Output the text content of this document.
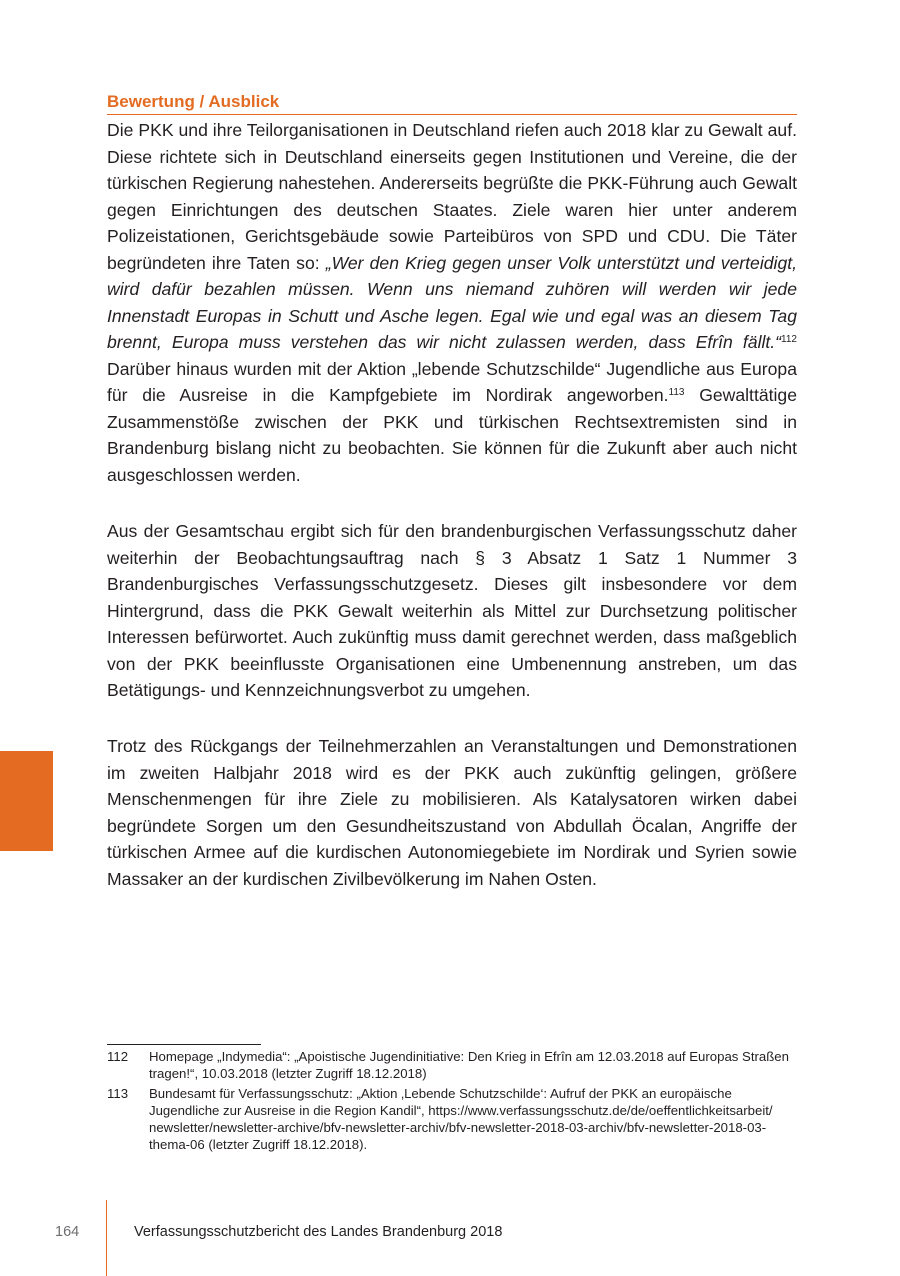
Bewertung / Ausblick
Die PKK und ihre Teilorganisationen in Deutschland riefen auch 2018 klar zu Gewalt auf. Diese richtete sich in Deutschland einerseits gegen Institutionen und Vereine, die der türkischen Regierung nahestehen. Andererseits begrüßte die PKK-Führung auch Gewalt gegen Einrichtungen des deutschen Staates. Ziele waren hier unter anderem Polizeistationen, Gerichtsgebäude sowie Parteibüros von SPD und CDU. Die Täter begründeten ihre Taten so: „Wer den Krieg gegen unser Volk unterstützt und verteidigt, wird dafür bezahlen müssen. Wenn uns niemand zuhören will werden wir jede Innenstadt Europas in Schutt und Asche legen. Egal wie und egal was an diesem Tag brennt, Europa muss verstehen das wir nicht zulassen werden, dass Efrîn fällt.“$^{112}$ Darüber hinaus wurden mit der Aktion „lebende Schutzschilde“ Jugendliche aus Europa für die Ausreise in die Kampfgebiete im Nordirak angeworben.$^{113}$ Gewalttätige Zusammenstöße zwischen der PKK und türkischen Rechtsextremisten sind in Brandenburg bislang nicht zu beobachten. Sie können für die Zukunft aber auch nicht ausgeschlossen werden.
Aus der Gesamtschau ergibt sich für den brandenburgischen Verfassungsschutz daher weiterhin der Beobachtungsauftrag nach § 3 Absatz 1 Satz 1 Nummer 3 Brandenburgisches Verfassungsschutzgesetz. Dieses gilt insbesondere vor dem Hintergrund, dass die PKK Gewalt weiterhin als Mittel zur Durchsetzung politischer Interessen befürwortet. Auch zukünftig muss damit gerechnet werden, dass maßgeblich von der PKK beeinflusste Organisationen eine Umbenennung anstreben, um das Betätigungs- und Kennzeichnungsverbot zu umgehen.
Trotz des Rückgangs der Teilnehmerzahlen an Veranstaltungen und Demonstrationen im zweiten Halbjahr 2018 wird es der PKK auch zukünftig gelingen, größere Menschenmengen für ihre Ziele zu mobilisieren. Als Katalysatoren wirken dabei begründete Sorgen um den Gesundheitszustand von Abdullah Öcalan, Angriffe der türkischen Armee auf die kurdischen Autonomiegebiete im Nordirak und Syrien sowie Massaker an der kurdischen Zivilbevölkerung im Nahen Osten.
112	Homepage „Indymedia“: „Apoistische Jugendinitiative: Den Krieg in Efrîn am 12.03.2018 auf Europas Straßen tragen!“, 10.03.2018 (letzter Zugriff 18.12.2018)
113	Bundesamt für Verfassungsschutz: „Aktion ‚Lebende Schutzschilde‘: Aufruf der PKK an europäische Jugendliche zur Ausreise in die Region Kandil“, https://www.verfassungsschutz.de/​de/​oeffentlichkeitsarbeit/​newsletter/​newsletter-archive/​bfv-newsletter-archiv/​bfv-newsletter-2018-​03-archiv/​bfv-newsletter-2018-03-thema-06 (letzter Zugriff 18.12.2018).
164	Verfassungsschutzbericht des Landes Brandenburg 2018
